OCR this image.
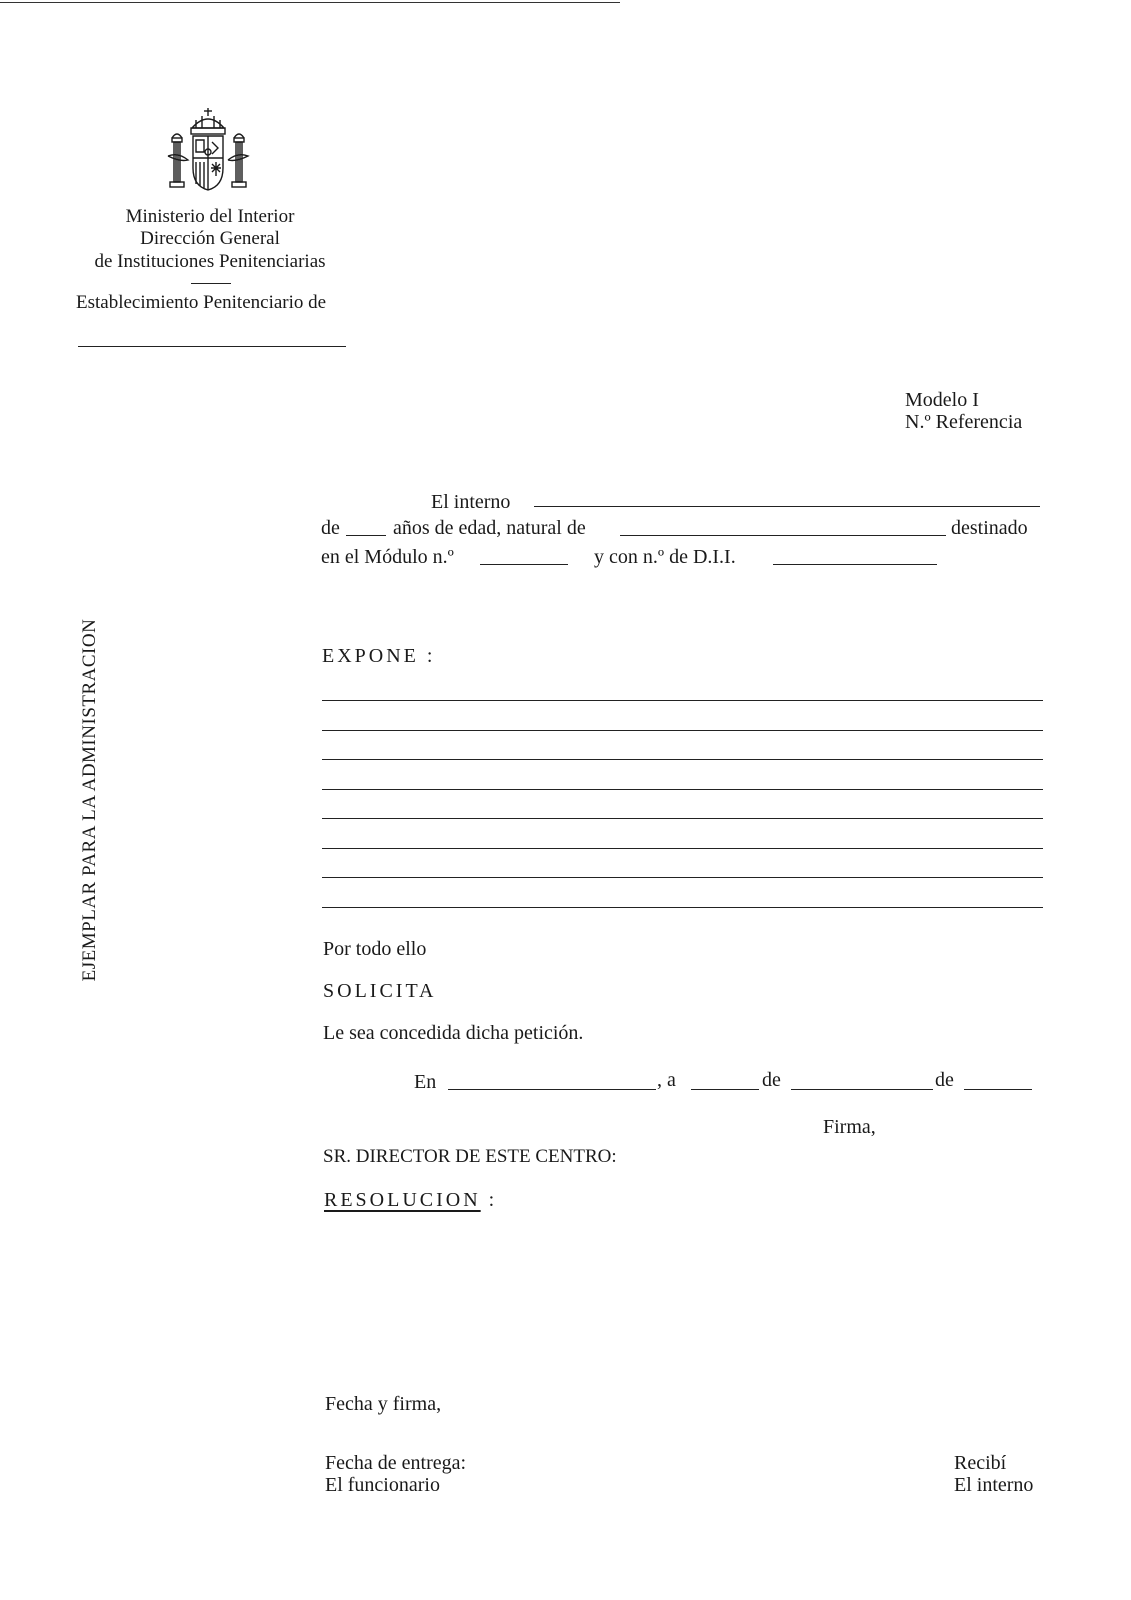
Ministerio del Interior
Dirección General
de Instituciones Penitenciarias
Establecimiento Penitenciario de
Modelo I
N.º Referencia
EJEMPLAR PARA LA ADMINISTRACION
El interno
de	años de edad, natural de	destinado
en el Módulo n.º	y con n.º de D.I.I.
EXPONE :
Por todo ello
SOLICITA
Le sea concedida dicha petición.
En	, a	de	de
Firma,
SR. DIRECTOR DE ESTE CENTRO:
RESOLUCION :
Fecha y firma,
Fecha de entrega:
El funcionario
Recibí
El interno
